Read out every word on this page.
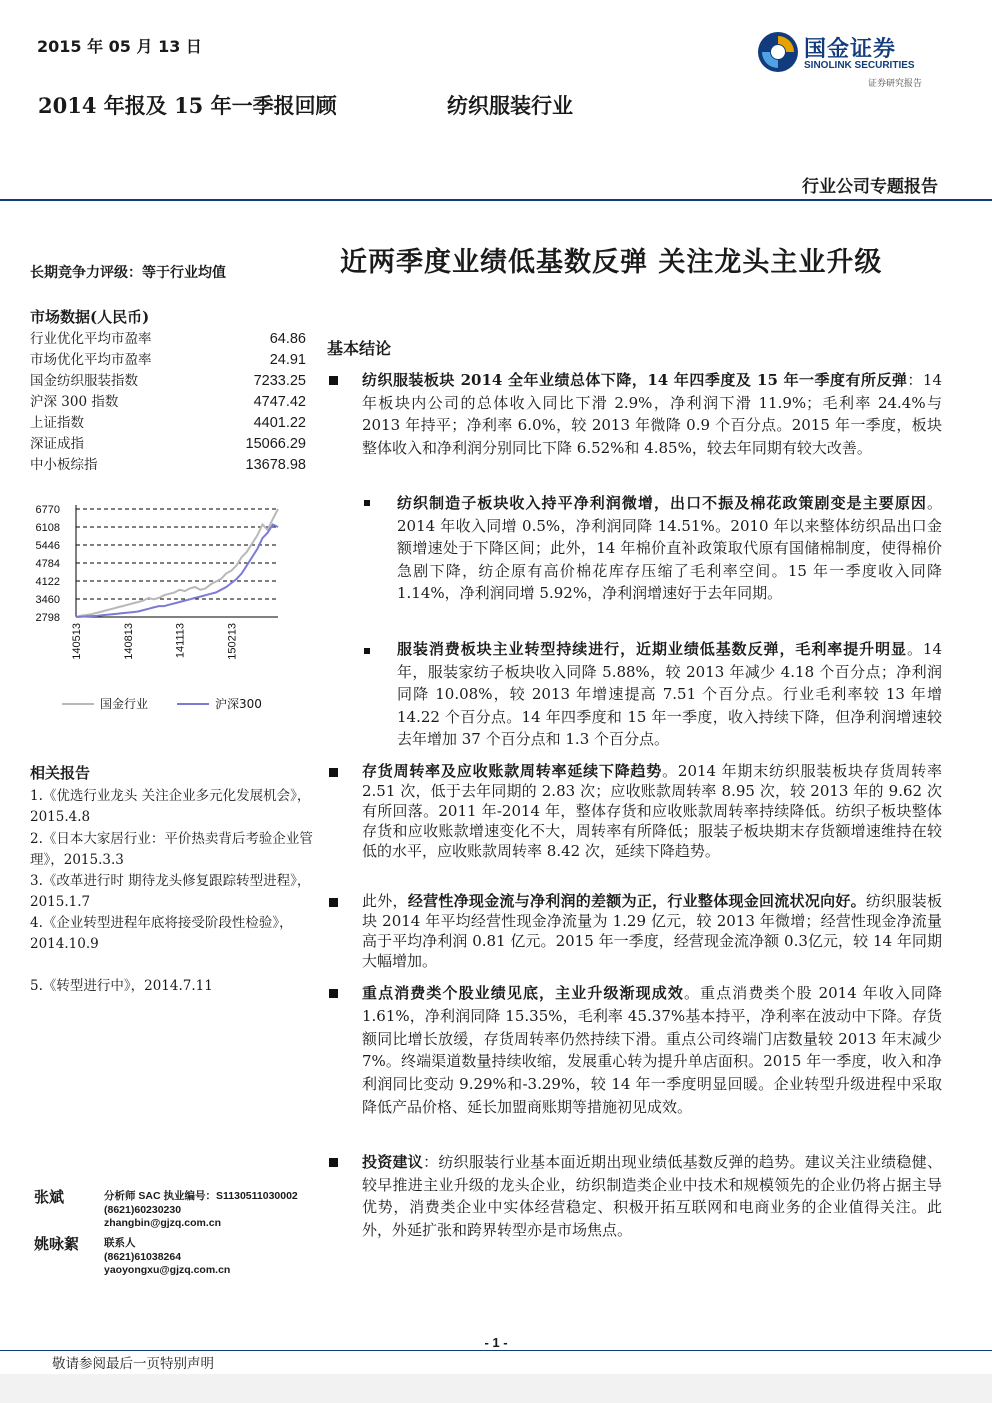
2015 年 05 月 13 日	国金证券
SINOLINK SECURITIES
证券研究报告
2014 年报及 15 年一季报回顾	纺织服装行业
行业公司专题报告
近两季度业绩低基数反弹 关注龙头主业升级
长期竞争力评级：等于行业均值
市场数据(人民币)
行业优化平均市盈率	64.86
市场优化平均市盈率	24.91
国金纺织服装指数	7233.25
沪深 300 指数	4747.42
上证指数	4401.22
深证成指	15066.29
中小板综指	13678.98
6770
6108
5446
4784
4122
3460
2798
140513	140813	141113	150213
国金行业	沪深300
相关报告
1.《优选行业龙头 关注企业多元化发展机会》，2015.4.8
2.《日本大家居行业：平价热卖背后考验企业管理》，2015.3.3
3.《改革进行时 期待龙头修复跟踪转型进程》，2015.1.7
4.《企业转型进程年底将接受阶段性检验》，2014.10.9
5.《转型进行中》，2014.7.11
张斌	分析师 SAC 执业编号：S1130511030002
(8621)60230230
zhangbin@gjzq.com.cn
姚咏絮 联系人
(8621)61038264
yaoyongxu@gjzq.com.cn
基本结论
纺织服装板块 2014 全年业绩总体下降，14 年四季度及 15 年一季度有所反弹：14 年板块内公司的总体收入同比下滑 2.9%，净利润下滑 11.9%；毛利率 24.4%与 2013 年持平；净利率 6.0%，较 2013 年微降 0.9 个百分点。2015 年一季度，板块整体收入和净利润分别同比下降 6.52%和 4.85%，较去年同期有较大改善。
纺织制造子板块收入持平净利润微增，出口不振及棉花政策剧变是主要原因。2014 年收入同增 0.5%，净利润同降 14.51%。2010 年以来整体纺织品出口金额增速处于下降区间；此外，14 年棉价直补政策取代原有国储棉制度，使得棉价急剧下降，纺企原有高价棉花库存压缩了毛利率空间。15 年一季度收入同降 1.14%，净利润同增 5.92%，净利润增速好于去年同期。
服装消费板块主业转型持续进行，近期业绩低基数反弹，毛利率提升明显。14 年，服装家纺子板块收入同降 5.88%，较 2013 年减少 4.18 个百分点；净利润同降 10.08%，较 2013 年增速提高 7.51 个百分点。行业毛利率较 13 年增 14.22 个百分点。14 年四季度和 15 年一季度，收入持续下降，但净利润增速较去年增加 37 个百分点和 1.3 个百分点。
存货周转率及应收账款周转率延续下降趋势。2014 年期末纺织服装板块存货周转率 2.51 次，低于去年同期的 2.83 次；应收账款周转率 8.95 次，较 2013 年的 9.62 次有所回落。2011 年-2014 年，整体存货和应收账款周转率持续降低。纺织子板块整体存货和应收账款增速变化不大，周转率有所降低；服装子板块期末存货额增速维持在较低的水平，应收账款周转率 8.42 次，延续下降趋势。
此外，经营性净现金流与净利润的差额为正，行业整体现金回流状况向好。纺织服装板块 2014 年平均经营性现金净流量为 1.29 亿元，较 2013 年微增；经营性现金净流量高于平均净利润 0.81 亿元。2015 年一季度，经营现金流净额 0.3亿元，较 14 年同期大幅增加。
重点消费类个股业绩见底，主业升级渐现成效。重点消费类个股 2014 年收入同降 1.61%，净利润同降 15.35%，毛利率 45.37%基本持平，净利率在波动中下降。存货额同比增长放缓，存货周转率仍然持续下滑。重点公司终端门店数量较 2013 年末减少 7%。终端渠道数量持续收缩，发展重心转为提升单店面积。2015 年一季度，收入和净利润同比变动 9.29%和-3.29%，较 14 年一季度明显回暖。企业转型升级进程中采取降低产品价格、延长加盟商账期等措施初见成效。
投资建议：纺织服装行业基本面近期出现业绩低基数反弹的趋势。建议关注业绩稳健、较早推进主业升级的龙头企业，纺织制造类企业中技术和规模领先的企业仍将占据主导优势，消费类企业中实体经营稳定、积极开拓互联网和电商业务的企业值得关注。此外，外延扩张和跨界转型亦是市场焦点。
- 1 -
敬请参阅最后一页特别声明
